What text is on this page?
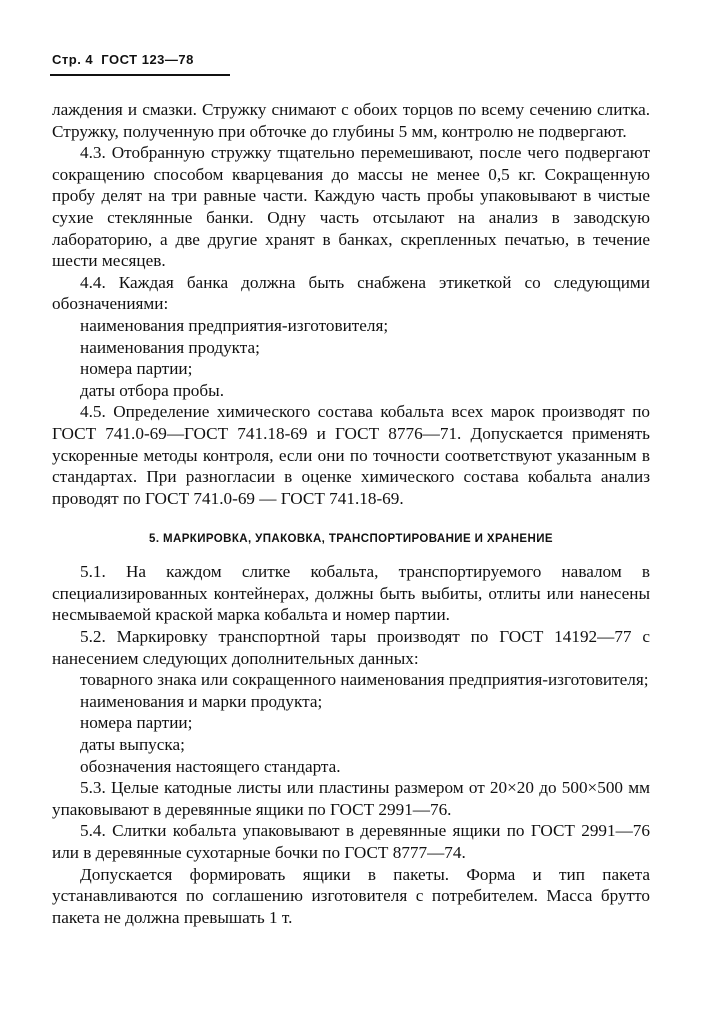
Стр. 4 ГОСТ 123—78

лаждения и смазки. Стружку снимают с обоих торцов по всему сечению слитка. Стружку, полученную при обточке до глубины 5 мм, контролю не подвергают.

4.3. Отобранную стружку тщательно перемешивают, после чего подвергают сокращению способом кварцевания до массы не менее 0,5 кг. Сокращенную пробу делят на три равные части. Каждую часть пробы упаковывают в чистые сухие стеклянные банки. Одну часть отсылают на анализ в заводскую лабораторию, а две другие хранят в банках, скрепленных печатью, в течение шести месяцев.

4.4. Каждая банка должна быть снабжена этикеткой со следующими обозначениями:

наименования предприятия-изготовителя;

наименования продукта;

номера партии;

даты отбора пробы.

4.5. Определение химического состава кобальта всех марок производят по ГОСТ 741.0-69—ГОСТ 741.18-69 и ГОСТ 8776—71. Допускается применять ускоренные методы контроля, если они по точности соответствуют указанным в стандартах. При разногласии в оценке химического состава кобальта анализ проводят по ГОСТ 741.0-69 — ГОСТ 741.18-69.

5. МАРКИРОВКА, УПАКОВКА, ТРАНСПОРТИРОВАНИЕ И ХРАНЕНИЕ

5.1. На каждом слитке кобальта, транспортируемого навалом в специализированных контейнерах, должны быть выбиты, отлиты или нанесены несмываемой краской марка кобальта и номер партии.

5.2. Маркировку транспортной тары производят по ГОСТ 14192—77 с нанесением следующих дополнительных данных:

товарного знака или сокращенного наименования предприятия-изготовителя;

наименования и марки продукта;

номера партии;

даты выпуска;

обозначения настоящего стандарта.

5.3. Целые катодные листы или пластины размером от 20×20 до 500×500 мм упаковывают в деревянные ящики по ГОСТ 2991—76.

5.4. Слитки кобальта упаковывают в деревянные ящики по ГОСТ 2991—76 или в деревянные сухотарные бочки по ГОСТ 8777—74.

Допускается формировать ящики в пакеты. Форма и тип пакета устанавливаются по соглашению изготовителя с потребителем. Масса брутто пакета не должна превышать 1 т.
